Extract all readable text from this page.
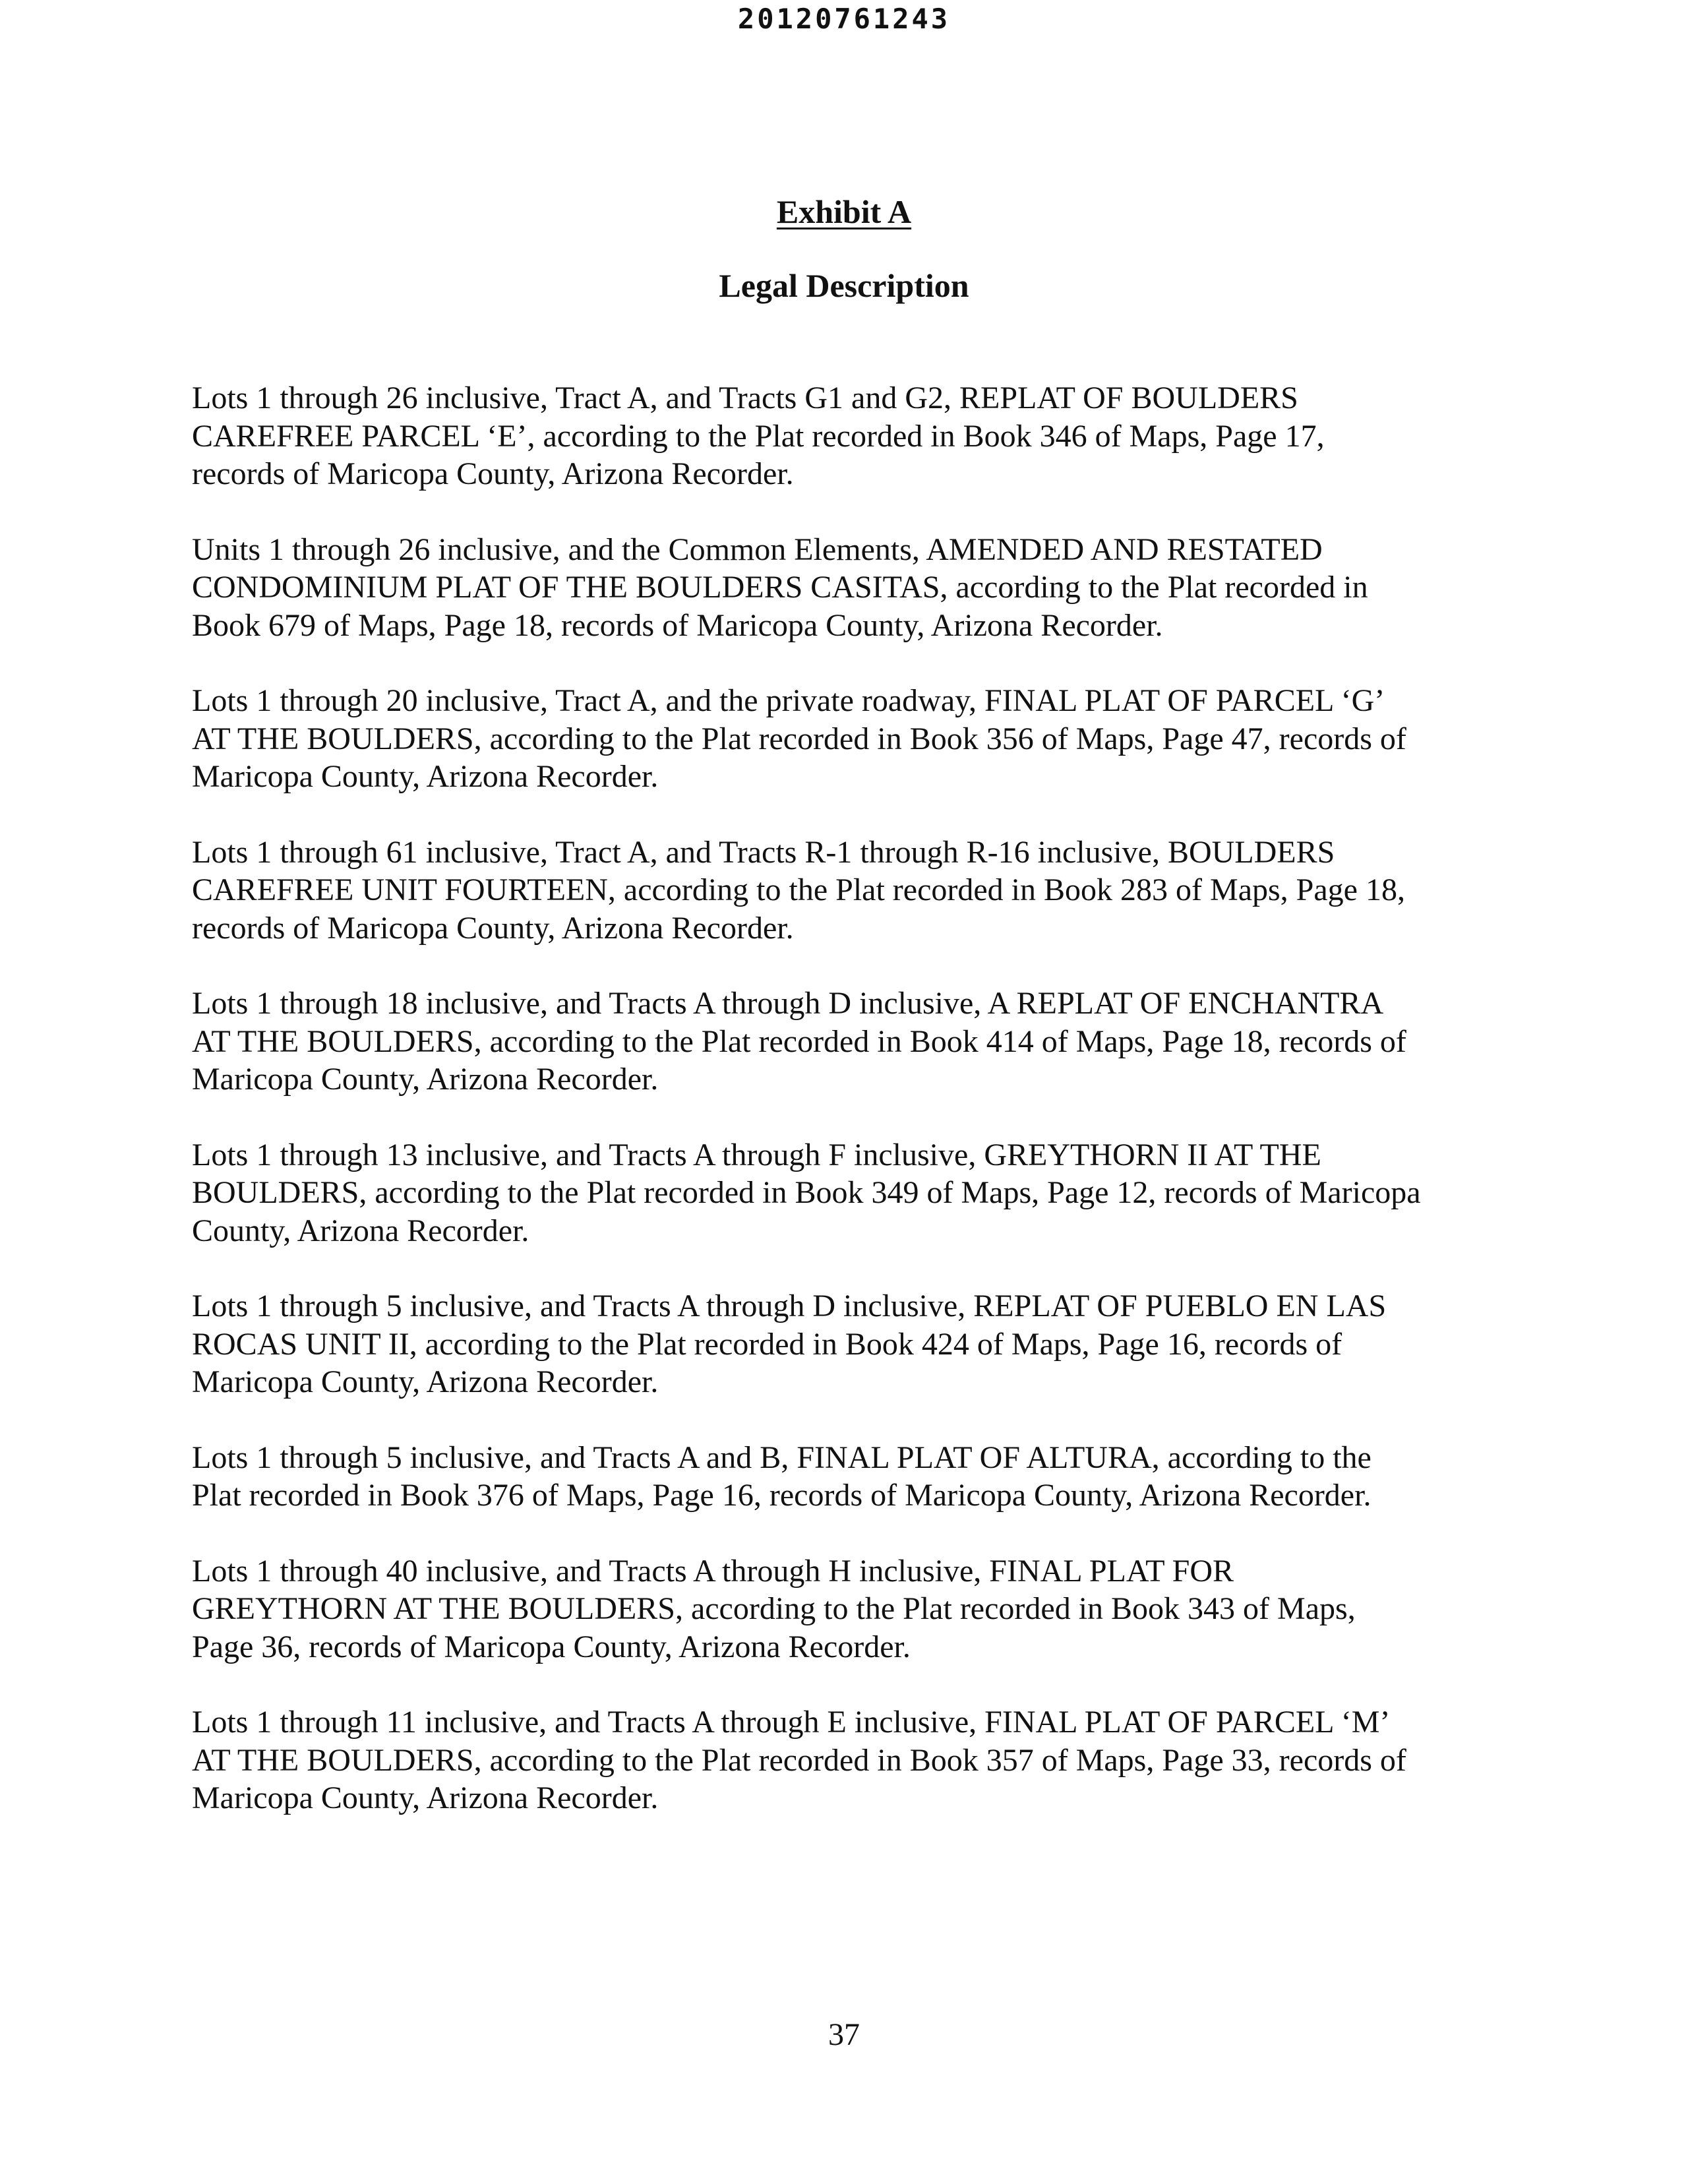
20120761243
Exhibit A
Legal Description

Lots 1 through 26 inclusive, Tract A, and Tracts G1 and G2, REPLAT OF BOULDERS
CAREFREE PARCEL ‘E’, according to the Plat recorded in Book 346 of Maps, Page 17,
records of Maricopa County, Arizona Recorder.

Units 1 through 26 inclusive, and the Common Elements, AMENDED AND RESTATED
CONDOMINIUM PLAT OF THE BOULDERS CASITAS, according to the Plat recorded in
Book 679 of Maps, Page 18, records of Maricopa County, Arizona Recorder.

Lots 1 through 20 inclusive, Tract A, and the private roadway, FINAL PLAT OF PARCEL ‘G’
AT THE BOULDERS, according to the Plat recorded in Book 356 of Maps, Page 47, records of
Maricopa County, Arizona Recorder.

Lots 1 through 61 inclusive, Tract A, and Tracts R-1 through R-16 inclusive, BOULDERS
CAREFREE UNIT FOURTEEN, according to the Plat recorded in Book 283 of Maps, Page 18,
records of Maricopa County, Arizona Recorder.

Lots 1 through 18 inclusive, and Tracts A through D inclusive, A REPLAT OF ENCHANTRA
AT THE BOULDERS, according to the Plat recorded in Book 414 of Maps, Page 18, records of
Maricopa County, Arizona Recorder.

Lots 1 through 13 inclusive, and Tracts A through F inclusive, GREYTHORN II AT THE
BOULDERS, according to the Plat recorded in Book 349 of Maps, Page 12, records of Maricopa
County, Arizona Recorder.

Lots 1 through 5 inclusive, and Tracts A through D inclusive, REPLAT OF PUEBLO EN LAS
ROCAS UNIT II, according to the Plat recorded in Book 424 of Maps, Page 16, records of
Maricopa County, Arizona Recorder.

Lots 1 through 5 inclusive, and Tracts A and B, FINAL PLAT OF ALTURA, according to the
Plat recorded in Book 376 of Maps, Page 16, records of Maricopa County, Arizona Recorder.

Lots 1 through 40 inclusive, and Tracts A through H inclusive, FINAL PLAT FOR
GREYTHORN AT THE BOULDERS, according to the Plat recorded in Book 343 of Maps,
Page 36, records of Maricopa County, Arizona Recorder.

Lots 1 through 11 inclusive, and Tracts A through E inclusive, FINAL PLAT OF PARCEL ‘M’
AT THE BOULDERS, according to the Plat recorded in Book 357 of Maps, Page 33, records of
Maricopa County, Arizona Recorder.

37
